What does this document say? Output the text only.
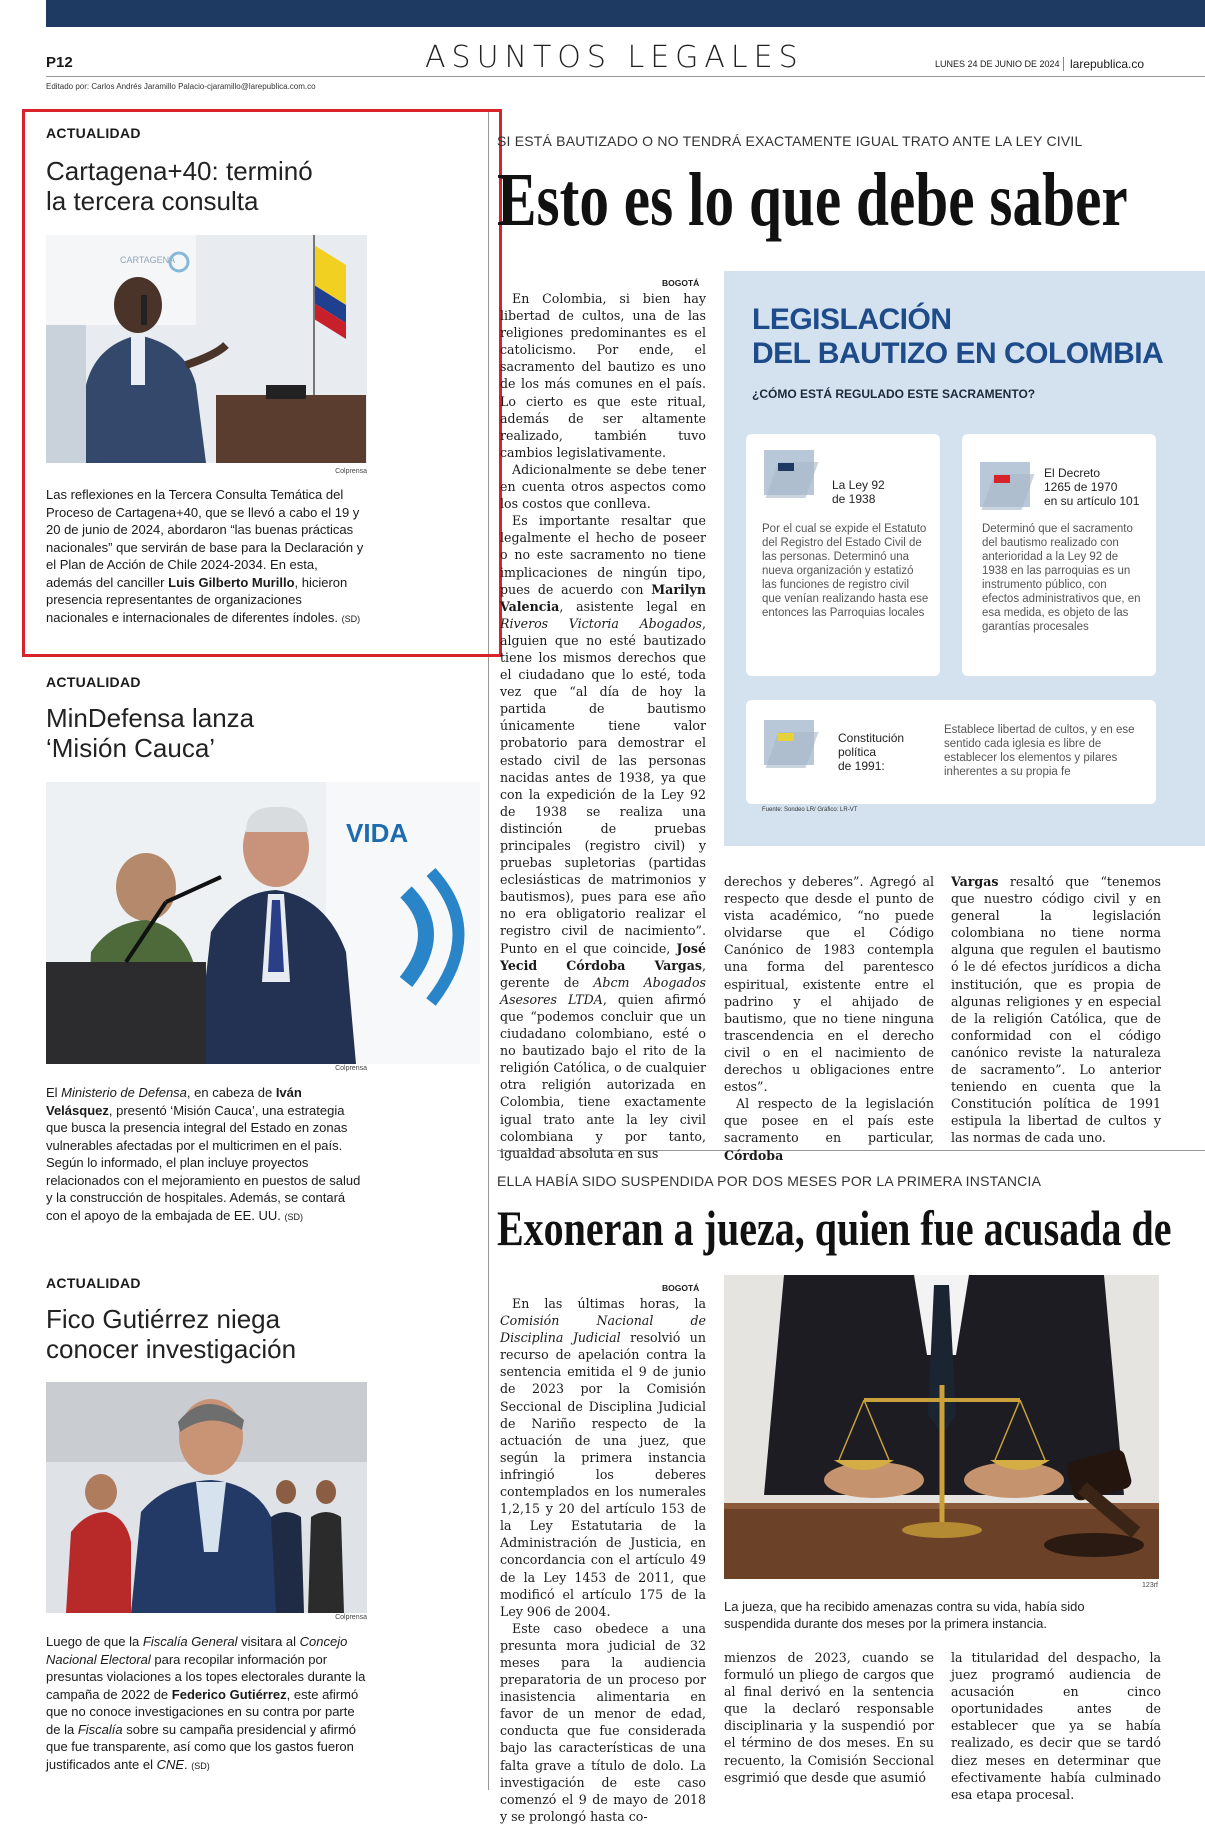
P12	ASUNTOS LEGALES	LUNES 24 DE JUNIO DE 2024 larepublica.co
Editado por: Carlos Andrés Jaramillo Palacio-cjaramillo@larepublica.com.co
ACTUALIDAD
Cartagena+40: terminó
la tercera consulta
CARTAGENA
Colprensa
Las reflexiones en la Tercera Consulta Temática del Proceso de Cartagena+40, que se llevó a cabo el 19 y 20 de junio de 2024, abordaron “las buenas prácticas nacionales” que servirán de base para la Declaración y el Plan de Acción de Chile 2024-2034. En esta, además del canciller Luis Gilberto Murillo, hicieron presencia representantes de organizaciones nacionales e internacionales de diferentes índoles. (SD)
ACTUALIDAD
MinDefensa lanza
‘Misión Cauca’
VIDA
Colprensa
El Ministerio de Defensa, en cabeza de Iván Velásquez, presentó ‘Misión Cauca’, una estrategia que busca la presencia integral del Estado en zonas vulnerables afectadas por el multicrimen en el país. Según lo informado, el plan incluye proyectos relacionados con el mejoramiento en puestos de salud y la construcción de hospitales. Además, se contará con el apoyo de la embajada de EE. UU. (SD)
ACTUALIDAD
Fico Gutiérrez niega
conocer investigación
Colprensa
Luego de que la Fiscalía General visitara al Concejo Nacional Electoral para recopilar información por presuntas violaciones a los topes electorales durante la campaña de 2022 de Federico Gutiérrez, este afirmó que no conoce investigaciones en su contra por parte de la Fiscalía sobre su campaña presidencial y afirmó que fue transparente, así como que los gastos fueron justificados ante el CNE. (SD)
SI ESTÁ BAUTIZADO O NO TENDRÁ EXACTAMENTE IGUAL TRATO ANTE LA LEY CIVIL
Esto es lo que debe saber
BOGOTÁ

En Colombia, si bien hay libertad de cultos, una de las religiones predominantes es el catolicismo. Por ende, el sacramento del bautizo es uno de los más comunes en el país. Lo cierto es que este ritual, además de ser altamente realizado, también tuvo cambios legislativamente.

Adicionalmente se debe tener en cuenta otros aspectos como los costos que conlleva.

Es importante resaltar que legalmente el hecho de poseer o no este sacramento no tiene implicaciones de ningún tipo, pues de acuerdo con Marilyn Valencia, asistente legal en Riveros Victoria Abogados, alguien que no esté bautizado tiene los mismos derechos que el ciudadano que lo esté, toda vez que “al día de hoy la partida de bautismo únicamente tiene valor probatorio para demostrar el estado civil de las personas nacidas antes de 1938, ya que con la expedición de la Ley 92 de 1938 se realiza una distinción de pruebas principales (registro civil) y pruebas supletorias (partidas eclesiásticas de matrimonios y bautismos), pues para ese año no era obligatorio realizar el registro civil de nacimiento”. Punto en el que coincide, José Yecid Córdoba Vargas, gerente de Abcm Abogados Asesores LTDA, quien afirmó que “podemos concluir que un ciudadano colombiano, esté o no bautizado bajo el rito de la religión Católica, o de cualquier otra religión autorizada en Colombia, tiene exactamente igual trato ante la ley civil colombiana y por tanto, igualdad absoluta en sus

derechos y deberes”. Agregó al respecto que desde el punto de vista académico, “no puede olvidarse que el Código Canónico de 1983 contempla una forma del parentesco espiritual, existente entre el padrino y el ahijado de bautismo, que no tiene ninguna trascendencia en el derecho civil o en el nacimiento de derechos u obligaciones entre estos”.

Al respecto de la legislación que posee en el país este sacramento en particular, Córdoba

Vargas resaltó que “tenemos que nuestro código civil y en general la legislación colombiana no tiene norma alguna que regulen el bautismo ó le dé efectos jurídicos a dicha institución, que es propia de algunas religiones y en especial de la religión Católica, que de conformidad con el código canónico reviste la naturaleza de sacramento”. Lo anterior teniendo en cuenta que la Constitución política de 1991 estipula la libertad de cultos y las normas de cada uno.

LEGISLACIÓN
DEL BAUTIZO EN COLOMBIA
¿CÓMO ESTÁ REGULADO ESTE SACRAMENTO?
La Ley 92
de 1938
Por el cual se expide el Estatuto del Registro del Estado Civil de las personas. Determinó una nueva organización y estatizó las funciones de registro civil que venían realizando hasta ese entonces las Parroquias locales
El Decreto
1265 de 1970
en su artículo 101
Determinó que el sacramento del bautismo realizado con anterioridad a la Ley 92 de 1938 en las parroquias es un instrumento público, con efectos administrativos que, en esa medida, es objeto de las garantías procesales
Constitución
política
de 1991:
Establece libertad de cultos, y en ese sentido cada iglesia es libre de establecer los elementos y pilares inherentes a su propia fe
Fuente: Sondeo LR/ Gráfico: LR-VT
ELLA HABÍA SIDO SUSPENDIDA POR DOS MESES POR LA PRIMERA INSTANCIA
Exoneran a jueza, quien fue acusada de
BOGOTÁ

En las últimas horas, la Comisión Nacional de Disciplina Judicial resolvió un recurso de apelación contra la sentencia emitida el 9 de junio de 2023 por la Comisión Seccional de Disciplina Judicial de Nariño respecto de la actuación de una juez, que según la primera instancia infringió los deberes contemplados en los numerales 1,2,15 y 20 del artículo 153 de la Ley Estatutaria de la Administración de Justicia, en concordancia con el artículo 49 de la Ley 1453 de 2011, que modificó el artículo 175 de la Ley 906 de 2004.

Este caso obedece a una presunta mora judicial de 32 meses para la audiencia preparatoria de un proceso por inasistencia alimentaria en favor de un menor de edad, conducta que fue considerada bajo las características de una falta grave a título de dolo. La investigación de este caso comenzó el 9 de mayo de 2018 y se prolongó hasta co-

123rf
La jueza, que ha recibido amenazas contra su vida, había sido suspendida durante dos meses por la primera instancia.

mienzos de 2023, cuando se formuló un pliego de cargos que al final derivó en la sentencia que la declaró responsable disciplinaria y la suspendió por el término de dos meses. En su recuento, la Comisión Seccional esgrimió que desde que asumió

la titularidad del despacho, la juez programó audiencia de acusación en cinco oportunidades antes de establecer que ya se había realizado, es decir que se tardó diez meses en determinar que efectivamente había culminado esa etapa procesal.
